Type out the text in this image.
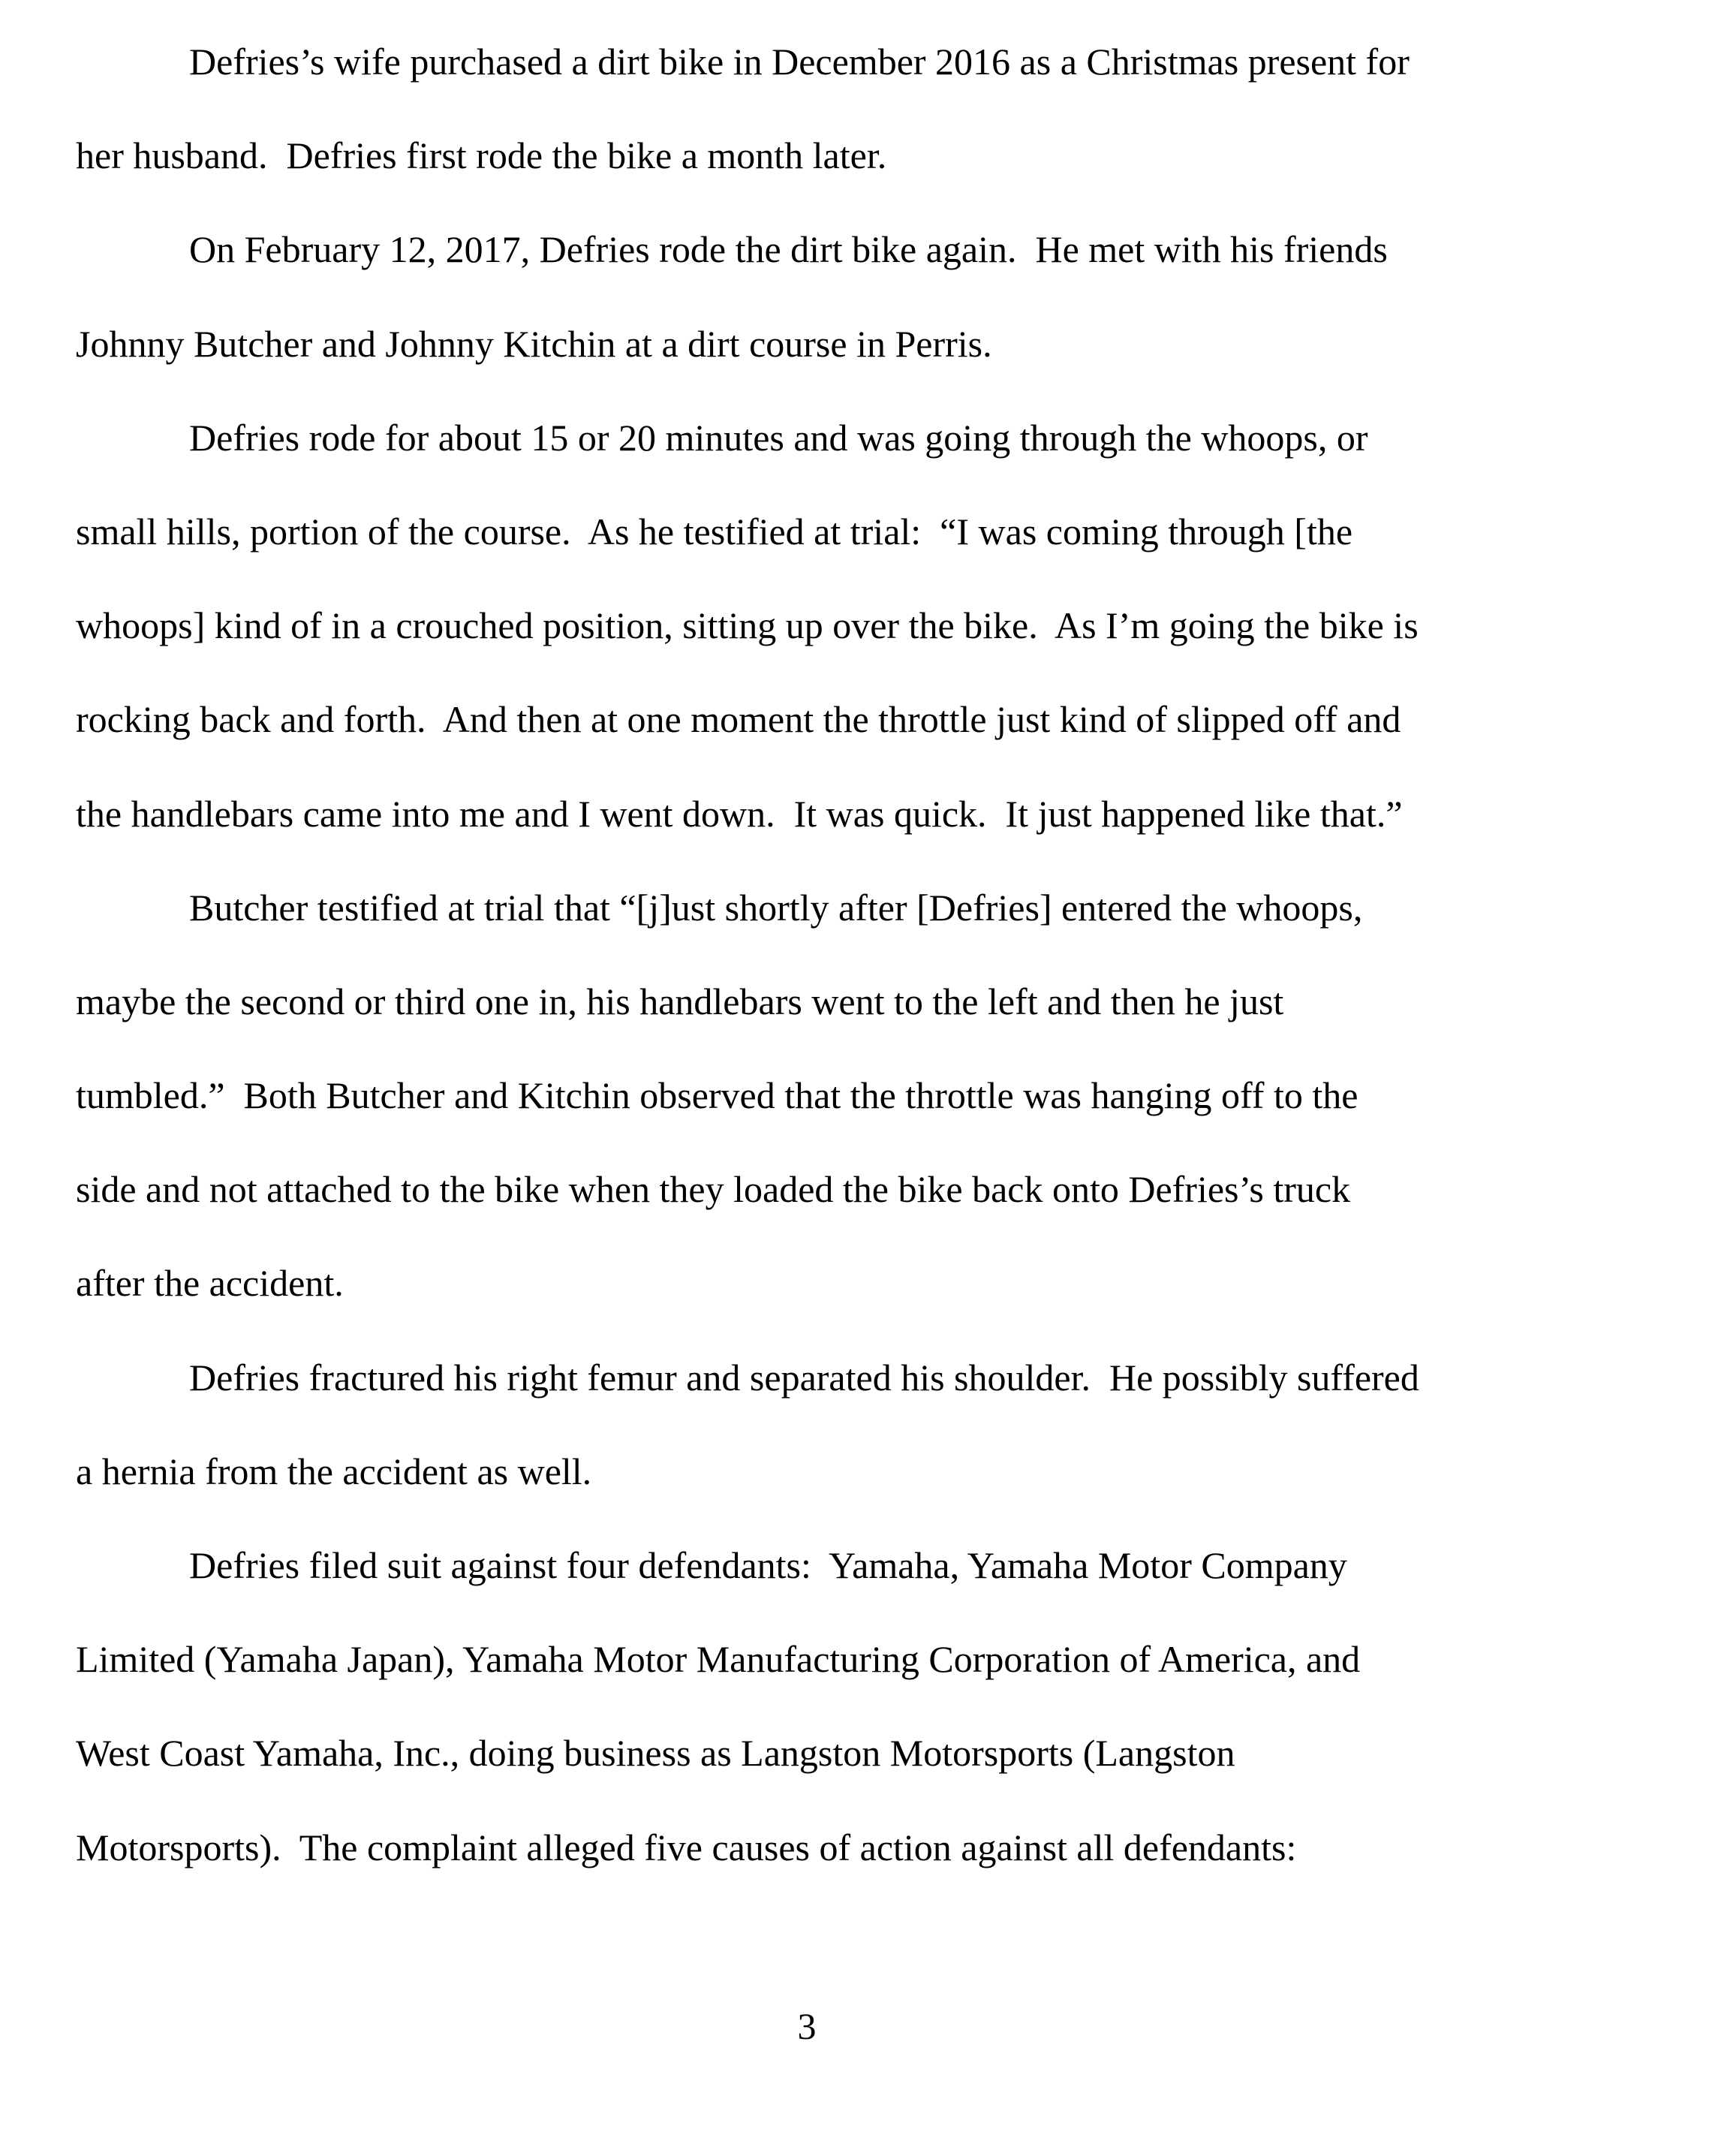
Defries’s wife purchased a dirt bike in December 2016 as a Christmas present for
her husband.  Defries first rode the bike a month later.
On February 12, 2017, Defries rode the dirt bike again.  He met with his friends
Johnny Butcher and Johnny Kitchin at a dirt course in Perris.
Defries rode for about 15 or 20 minutes and was going through the whoops, or
small hills, portion of the course.  As he testified at trial:  “I was coming through [the
whoops] kind of in a crouched position, sitting up over the bike.  As I’m going the bike is
rocking back and forth.  And then at one moment the throttle just kind of slipped off and
the handlebars came into me and I went down.  It was quick.  It just happened like that.”
Butcher testified at trial that “[j]ust shortly after [Defries] entered the whoops,
maybe the second or third one in, his handlebars went to the left and then he just
tumbled.”  Both Butcher and Kitchin observed that the throttle was hanging off to the
side and not attached to the bike when they loaded the bike back onto Defries’s truck
after the accident.
Defries fractured his right femur and separated his shoulder.  He possibly suffered
a hernia from the accident as well.
Defries filed suit against four defendants:  Yamaha, Yamaha Motor Company
Limited (Yamaha Japan), Yamaha Motor Manufacturing Corporation of America, and
West Coast Yamaha, Inc., doing business as Langston Motorsports (Langston
Motorsports).  The complaint alleged five causes of action against all defendants:
3
